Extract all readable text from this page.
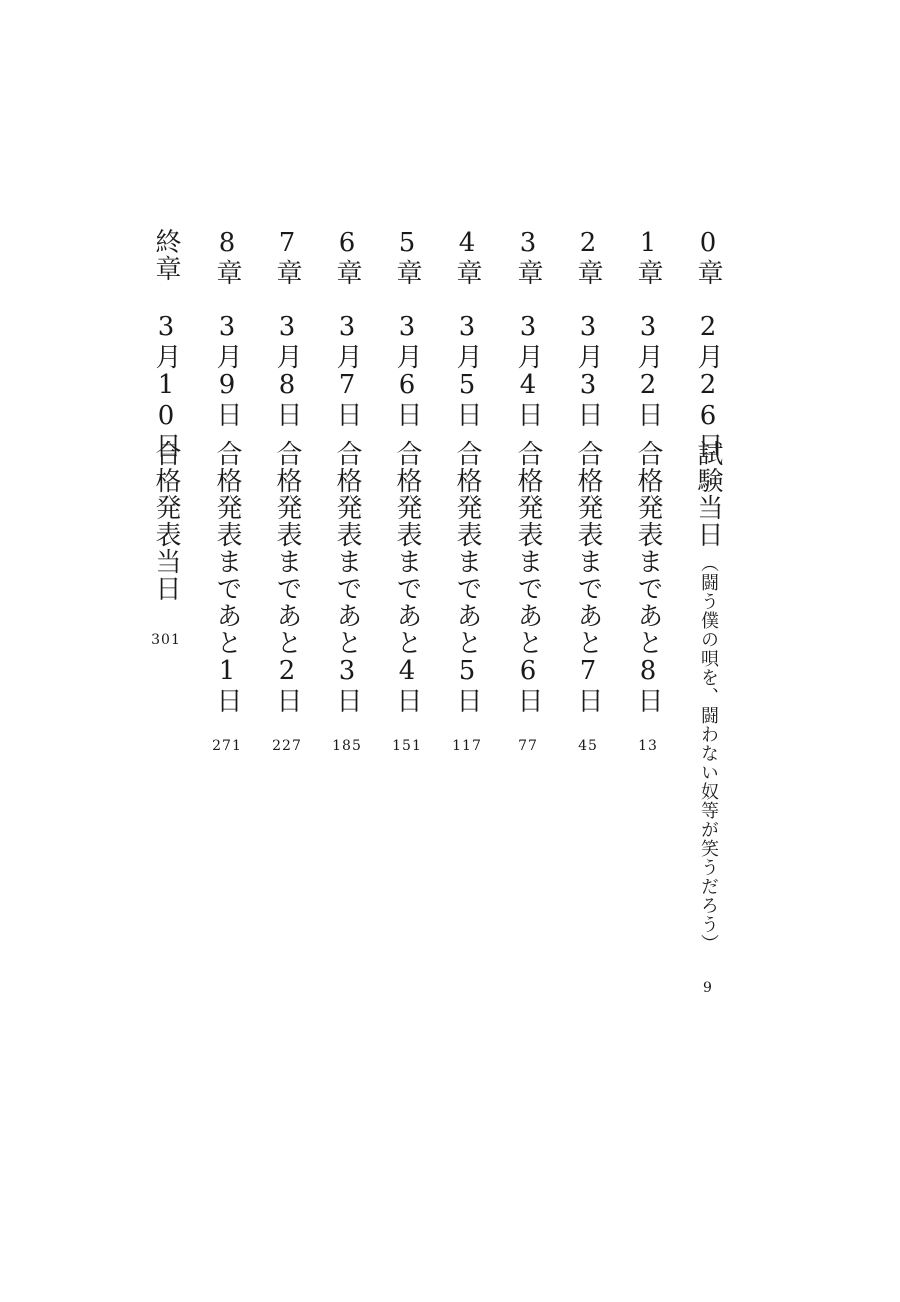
0章
2月26日
試験当日
（闘う僕の唄を、闘わない奴等が笑うだろう）
9
1章
3月2日
合格発表まであと8日
13
2章
3月3日
合格発表まであと7日
45
3章
3月4日
合格発表まであと6日
77
4章
3月5日
合格発表まであと5日
117
5章
3月6日
合格発表まであと4日
151
6章
3月7日
合格発表まであと3日
185
7章
3月8日
合格発表まであと2日
227
8章
3月9日
合格発表まであと1日
271
終章
3月10日
合格発表当日
301
